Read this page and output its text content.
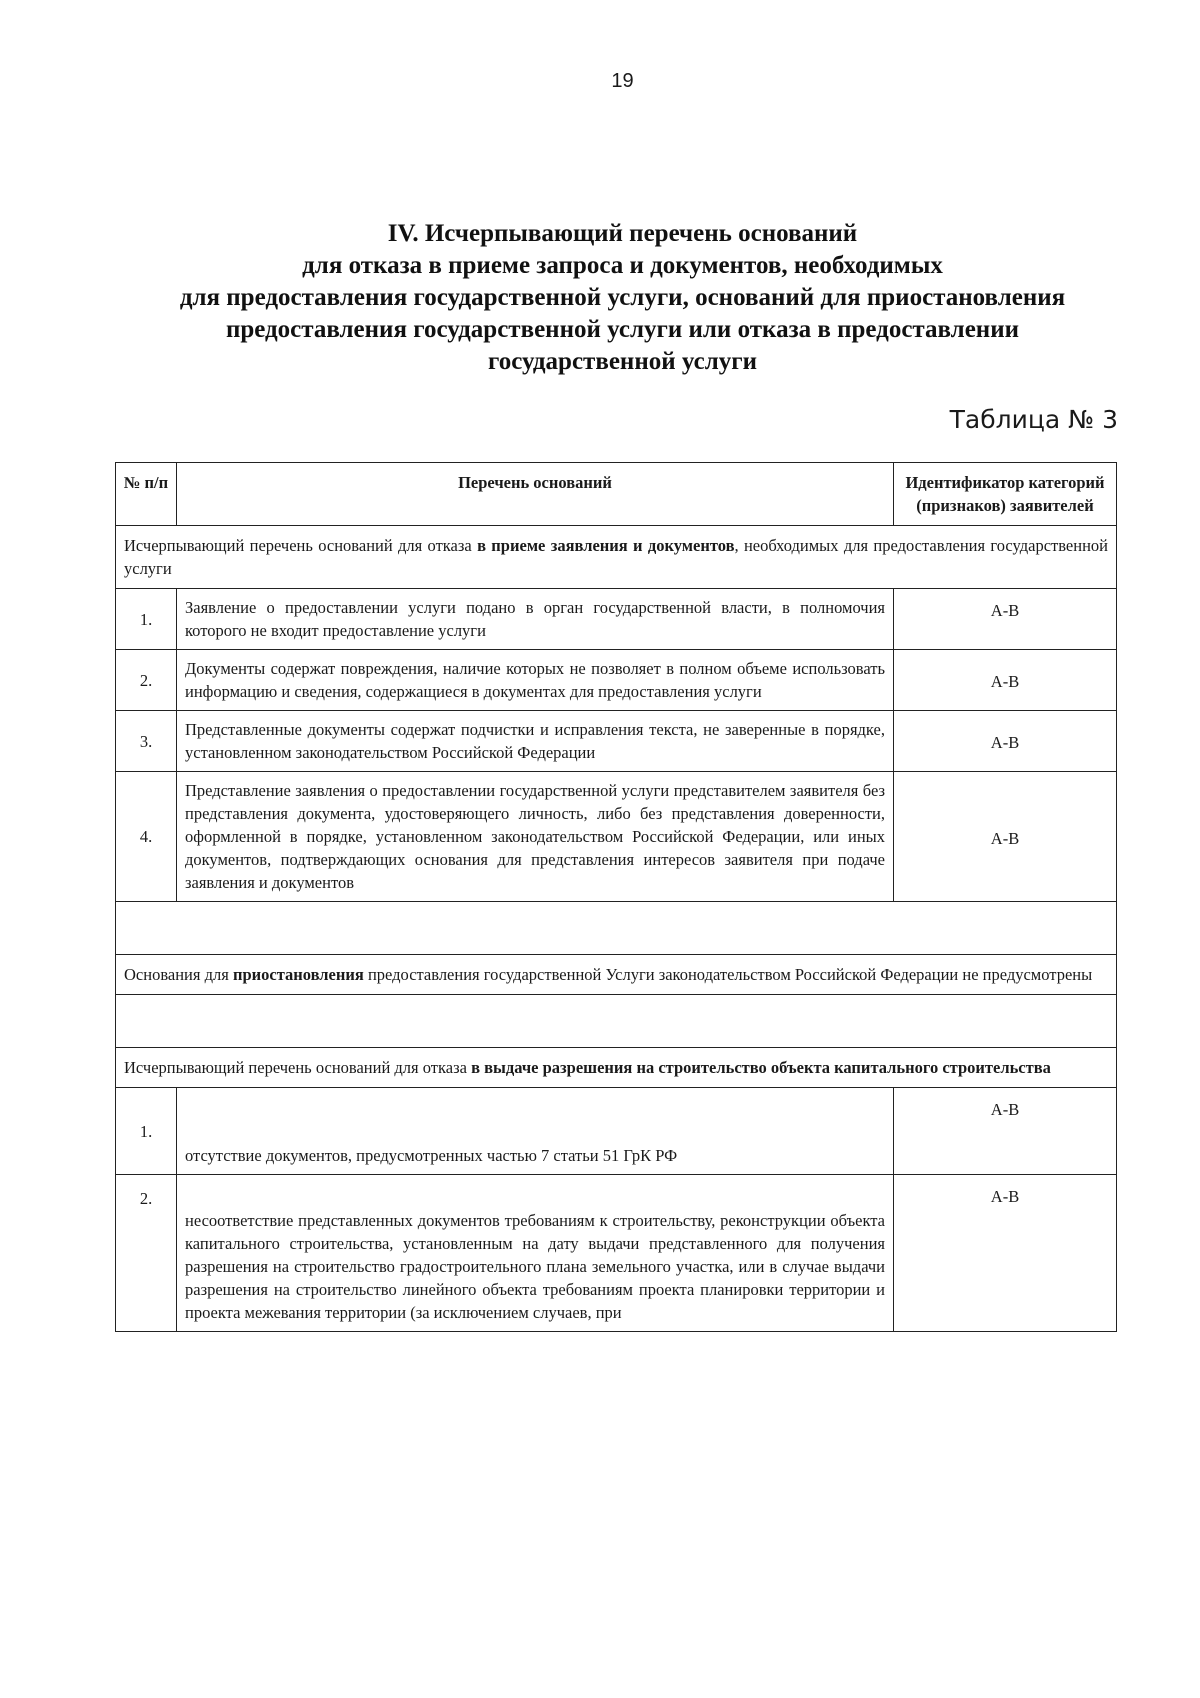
19
IV. Исчерпывающий перечень оснований
для отказа в приеме запроса и документов, необходимых
для предоставления государственной услуги, оснований для приостановления
предоставления государственной услуги или отказа в предоставлении
государственной услуги
Таблица № 3
№ п/п	Перечень оснований	Идентификатор категорий (признаков) заявителей
Исчерпывающий перечень оснований для отказа в приеме заявления и документов, необходимых для предоставления государственной услуги		
1.	Заявление о предоставлении услуги подано в орган государственной власти, в полномочия которого не входит предоставление услуги	А-В
2.	Документы содержат повреждения, наличие которых не позволяет в полном объеме использовать информацию и сведения, содержащиеся в документах для предоставления услуги	А-В
3.	Представленные документы содержат подчистки и исправления текста, не заверенные в порядке, установленном законодательством Российской Федерации	А-В
4.	Представление заявления о предоставлении государственной услуги представителем заявителя без представления документа, удостоверяющего личность, либо без представления доверенности, оформленной в порядке, установленном законодательством Российской Федерации, или иных документов, подтверждающих основания для представления интересов заявителя при подаче заявления и документов	А-В

Основания для приостановления предоставления государственной Услуги законодательством Российской Федерации не предусмотрены		

Исчерпывающий перечень оснований для отказа в выдаче разрешения на строительство объекта капитального строительства		
1.	отсутствие документов, предусмотренных частью 7 статьи 51 ГрК РФ	А-В
2.	несоответствие представленных документов требованиям к строительству, реконструкции объекта капитального строительства, установленным на дату выдачи представленного для получения разрешения на строительство градостроительного плана земельного участка, или в случае выдачи разрешения на строительство линейного объекта требованиям проекта планировки территории и проекта межевания территории (за исключением случаев, при	А-В
